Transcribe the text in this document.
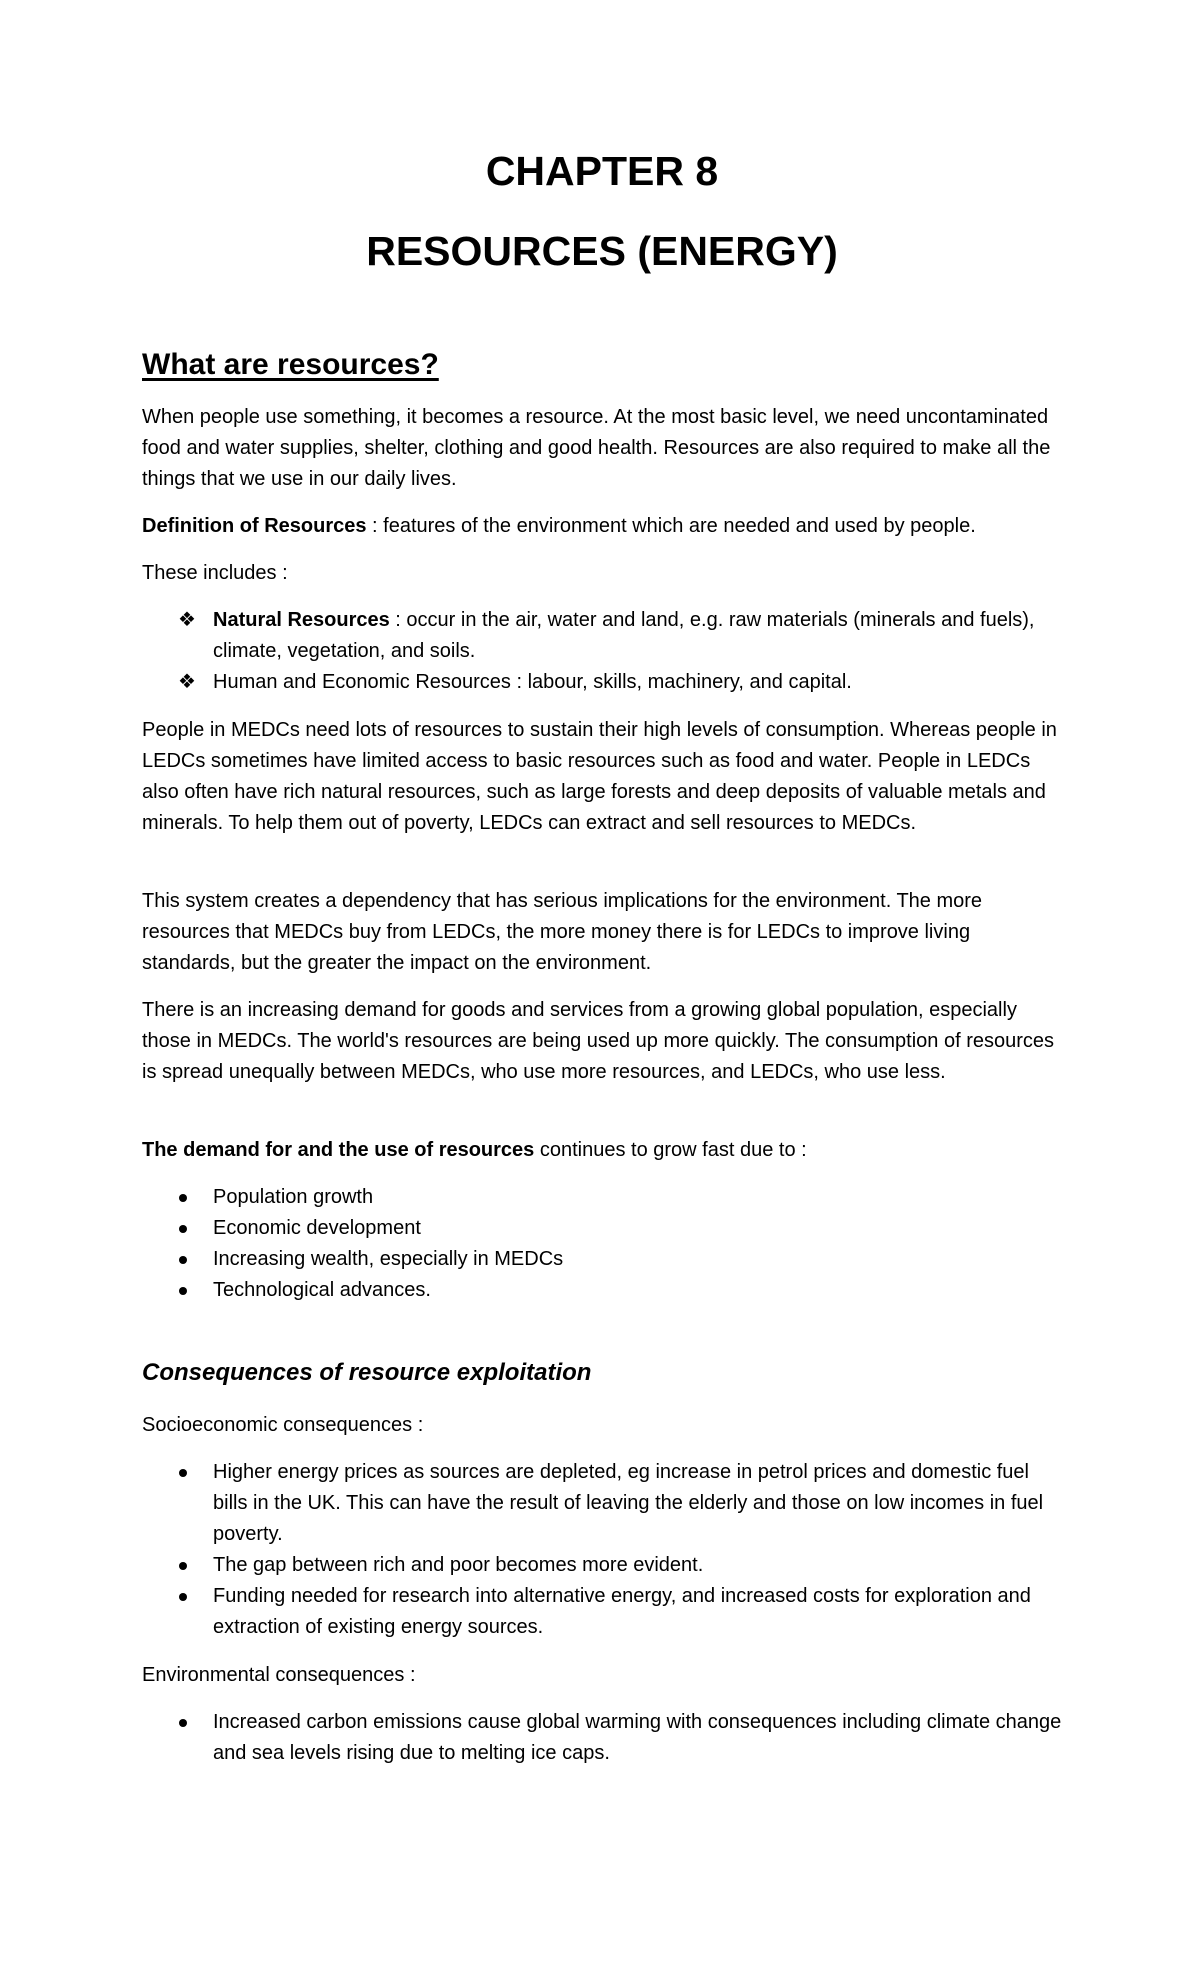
CHAPTER 8
RESOURCES (ENERGY)
What are resources?

When people use something, it becomes a resource. At the most basic level, we need uncontaminated food and water supplies, shelter, clothing and good health. Resources are also required to make all the things that we use in our daily lives.

Definition of Resources : features of the environment which are needed and used by people.

These includes :

❖ Natural Resources : occur in the air, water and land, e.g. raw materials (minerals and fuels), climate, vegetation, and soils.
❖ Human and Economic Resources : labour, skills, machinery, and capital.

People in MEDCs need lots of resources to sustain their high levels of consumption. Whereas people in LEDCs sometimes have limited access to basic resources such as food and water. People in LEDCs also often have rich natural resources, such as large forests and deep deposits of valuable metals and minerals. To help them out of poverty, LEDCs can extract and sell resources to MEDCs.

This system creates a dependency that has serious implications for the environment. The more resources that MEDCs buy from LEDCs, the more money there is for LEDCs to improve living standards, but the greater the impact on the environment.

There is an increasing demand for goods and services from a growing global population, especially those in MEDCs. The world's resources are being used up more quickly. The consumption of resources is spread unequally between MEDCs, who use more resources, and LEDCs, who use less.

The demand for and the use of resources continues to grow fast due to :

Population growth
Economic development
Increasing wealth, especially in MEDCs
Technological advances.
Consequences of resource exploitation

Socioeconomic consequences :

Higher energy prices as sources are depleted, eg increase in petrol prices and domestic fuel bills in the UK. This can have the result of leaving the elderly and those on low incomes in fuel poverty.
The gap between rich and poor becomes more evident.
Funding needed for research into alternative energy, and increased costs for exploration and extraction of existing energy sources.

Environmental consequences :

Increased carbon emissions cause global warming with consequences including climate change and sea levels rising due to melting ice caps.
